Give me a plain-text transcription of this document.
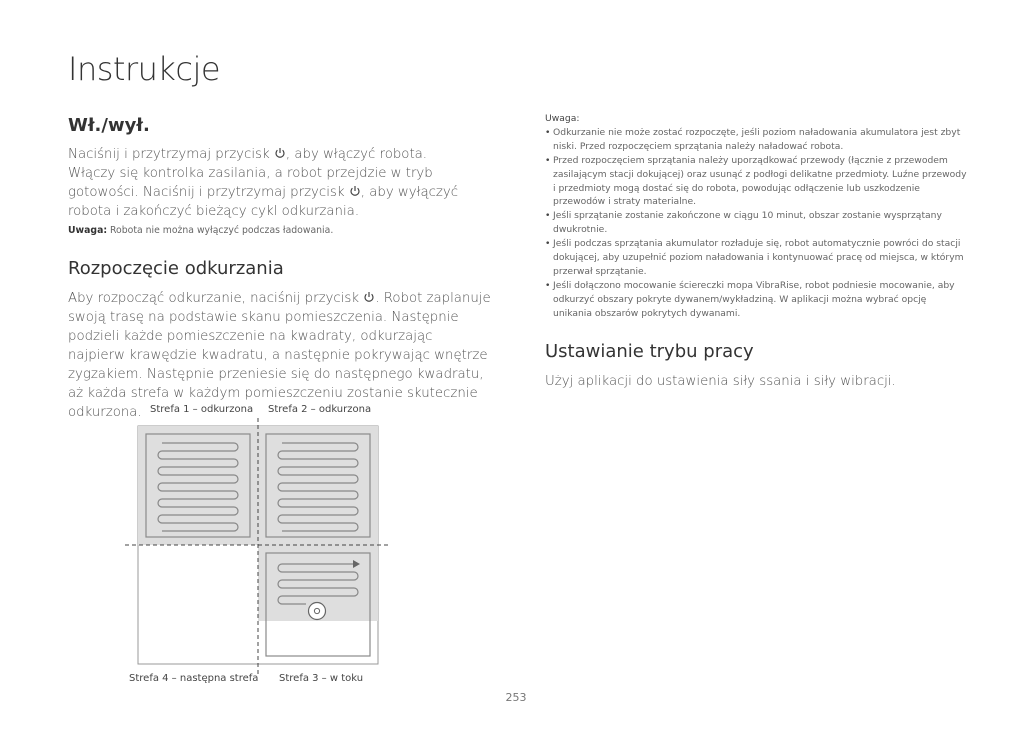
Instrukcje
Wł./wył.
Naciśnij i przytrzymaj przycisk , aby włączyć robota. Włączy się kontrolka zasilania, a robot przejdzie w tryb gotowości. Naciśnij i przytrzymaj przycisk , aby wyłączyć robota i zakończyć bieżący cykl odkurzania.
Uwaga: Robota nie można wyłączyć podczas ładowania.
Rozpoczęcie odkurzania
Aby rozpocząć odkurzanie, naciśnij przycisk . Robot zaplanuje swoją trasę na podstawie skanu pomieszczenia. Następnie podzieli każde pomieszczenie na kwadraty, odkurzając najpierw krawędzie kwadratu, a następnie pokrywając wnętrze zygzakiem. Następnie przeniesie się do następnego kwadratu, aż każda strefa w każdym pomieszczeniu zostanie skutecznie odkurzona. Strefa 1 – odkurzona Strefa 2 – odkurzona
Strefa 4 – następna strefa Strefa 3 – w toku
Uwaga:
• Odkurzanie nie może zostać rozpoczęte, jeśli poziom naładowania akumulatora jest zbyt niski. Przed rozpoczęciem sprzątania należy naładować robota.
• Przed rozpoczęciem sprzątania należy uporządkować przewody (łącznie z przewodem zasilającym stacji dokującej) oraz usunąć z podłogi delikatne przedmioty. Luźne przewody i przedmioty mogą dostać się do robota, powodując odłączenie lub uszkodzenie przewodów i straty materialne.
• Jeśli sprzątanie zostanie zakończone w ciągu 10 minut, obszar zostanie wysprzątany dwukrotnie.
• Jeśli podczas sprzątania akumulator rozładuje się, robot automatycznie powróci do stacji dokującej, aby uzupełnić poziom naładowania i kontynuować pracę od miejsca, w którym przerwał sprzątanie.
• Jeśli dołączono mocowanie ściereczki mopa VibraRise, robot podniesie mocowanie, aby odkurzyć obszary pokryte dywanem/wykładziną. W aplikacji można wybrać opcję unikania obszarów pokrytych dywanami.
Ustawianie trybu pracy
Użyj aplikacji do ustawienia siły ssania i siły wibracji.
253
